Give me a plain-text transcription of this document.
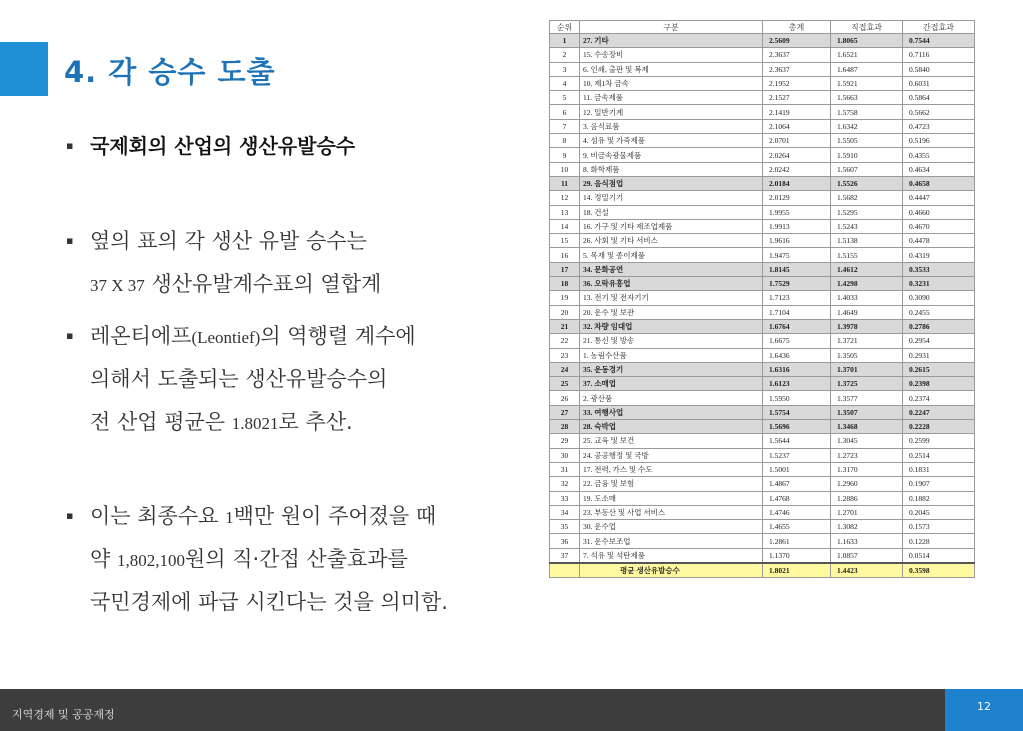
4. 각 승수 도출
▪ 국제회의 산업의 생산유발승수
▪ 옆의 표의 각 생산 유발 승수는
37 X 37 생산유발계수표의 열합계
▪ 레온티에프(Leontief)의 역행렬 계수에
의해서 도출되는 생산유발승수의
전 산업 평균은 1.8021로 추산.
▪ 이는 최종수요 1백만 원이 주어졌을 때
약 1,802,100원의 직·간접 산출효과를
국민경제에 파급 시킨다는 것을 의미함.
순위	구분	총계	직접효과	간접효과
1	27. 기타	2.5609	1.8065	0.7544
2	15. 수송장비	2.3637	1.6521	0.7116
3	6. 인쇄, 출판 및 복제	2.3637	1.6487	0.5840
4	10. 제1차 금속	2.1952	1.5921	0.6031
5	11. 금속제품	2.1527	1.5663	0.5864
6	12. 일반기계	2.1419	1.5758	0.5662
7	3. 음식료품	2.1064	1.6342	0.4723
8	4. 섬유 및 가죽제품	2.0701	1.5505	0.5196
9	9. 비금속광물제품	2.0264	1.5910	0.4355
10	8. 화학제품	2.0242	1.5607	0.4634
11	29. 음식점업	2.0184	1.5526	0.4658
12	14. 정밀기기	2.0129	1.5682	0.4447
13	18. 건설	1.9955	1.5295	0.4660
14	16. 가구 및 기타 제조업제품	1.9913	1.5243	0.4670
15	26. 사회 및 기타 서비스	1.9616	1.5138	0.4478
16	5. 목재 및 종이제품	1.9475	1.5155	0.4319
17	34. 문화공연	1.8145	1.4612	0.3533
18	36. 오락유흥업	1.7529	1.4298	0.3231
19	13. 전기 및 전자기기	1.7123	1.4033	0.3090
20	20. 운수 및 보관	1.7104	1.4649	0.2455
21	32. 차량 임대업	1.6764	1.3978	0.2786
22	21. 통신 및 방송	1.6675	1.3721	0.2954
23	1. 농림수산품	1.6436	1.3505	0.2931
24	35. 운동경기	1.6316	1.3701	0.2615
25	37. 소매업	1.6123	1.3725	0.2398
26	2. 광산품	1.5950	1.3577	0.2374
27	33. 여행사업	1.5754	1.3507	0.2247
28	28. 숙박업	1.5696	1.3468	0.2228
29	25. 교육 및 보건	1.5644	1.3045	0.2599
30	24. 공공행정 및 국방	1.5237	1.2723	0.2514
31	17. 전력, 가스 및 수도	1.5001	1.3170	0.1831
32	22. 금융 및 보험	1.4867	1.2960	0.1907
33	19. 도소매	1.4768	1.2886	0.1882
34	23. 부동산 및 사업 서비스	1.4746	1.2701	0.2045
35	30. 운수업	1.4655	1.3082	0.1573
36	31. 운수보조업	1.2861	1.1633	0.1228
37	7. 석유 및 석탄제품	1.1370	1.0857	0.0514
	평균 생산유발승수	1.8021	1.4423	0.3598
지역경제 및 공공재정
12
